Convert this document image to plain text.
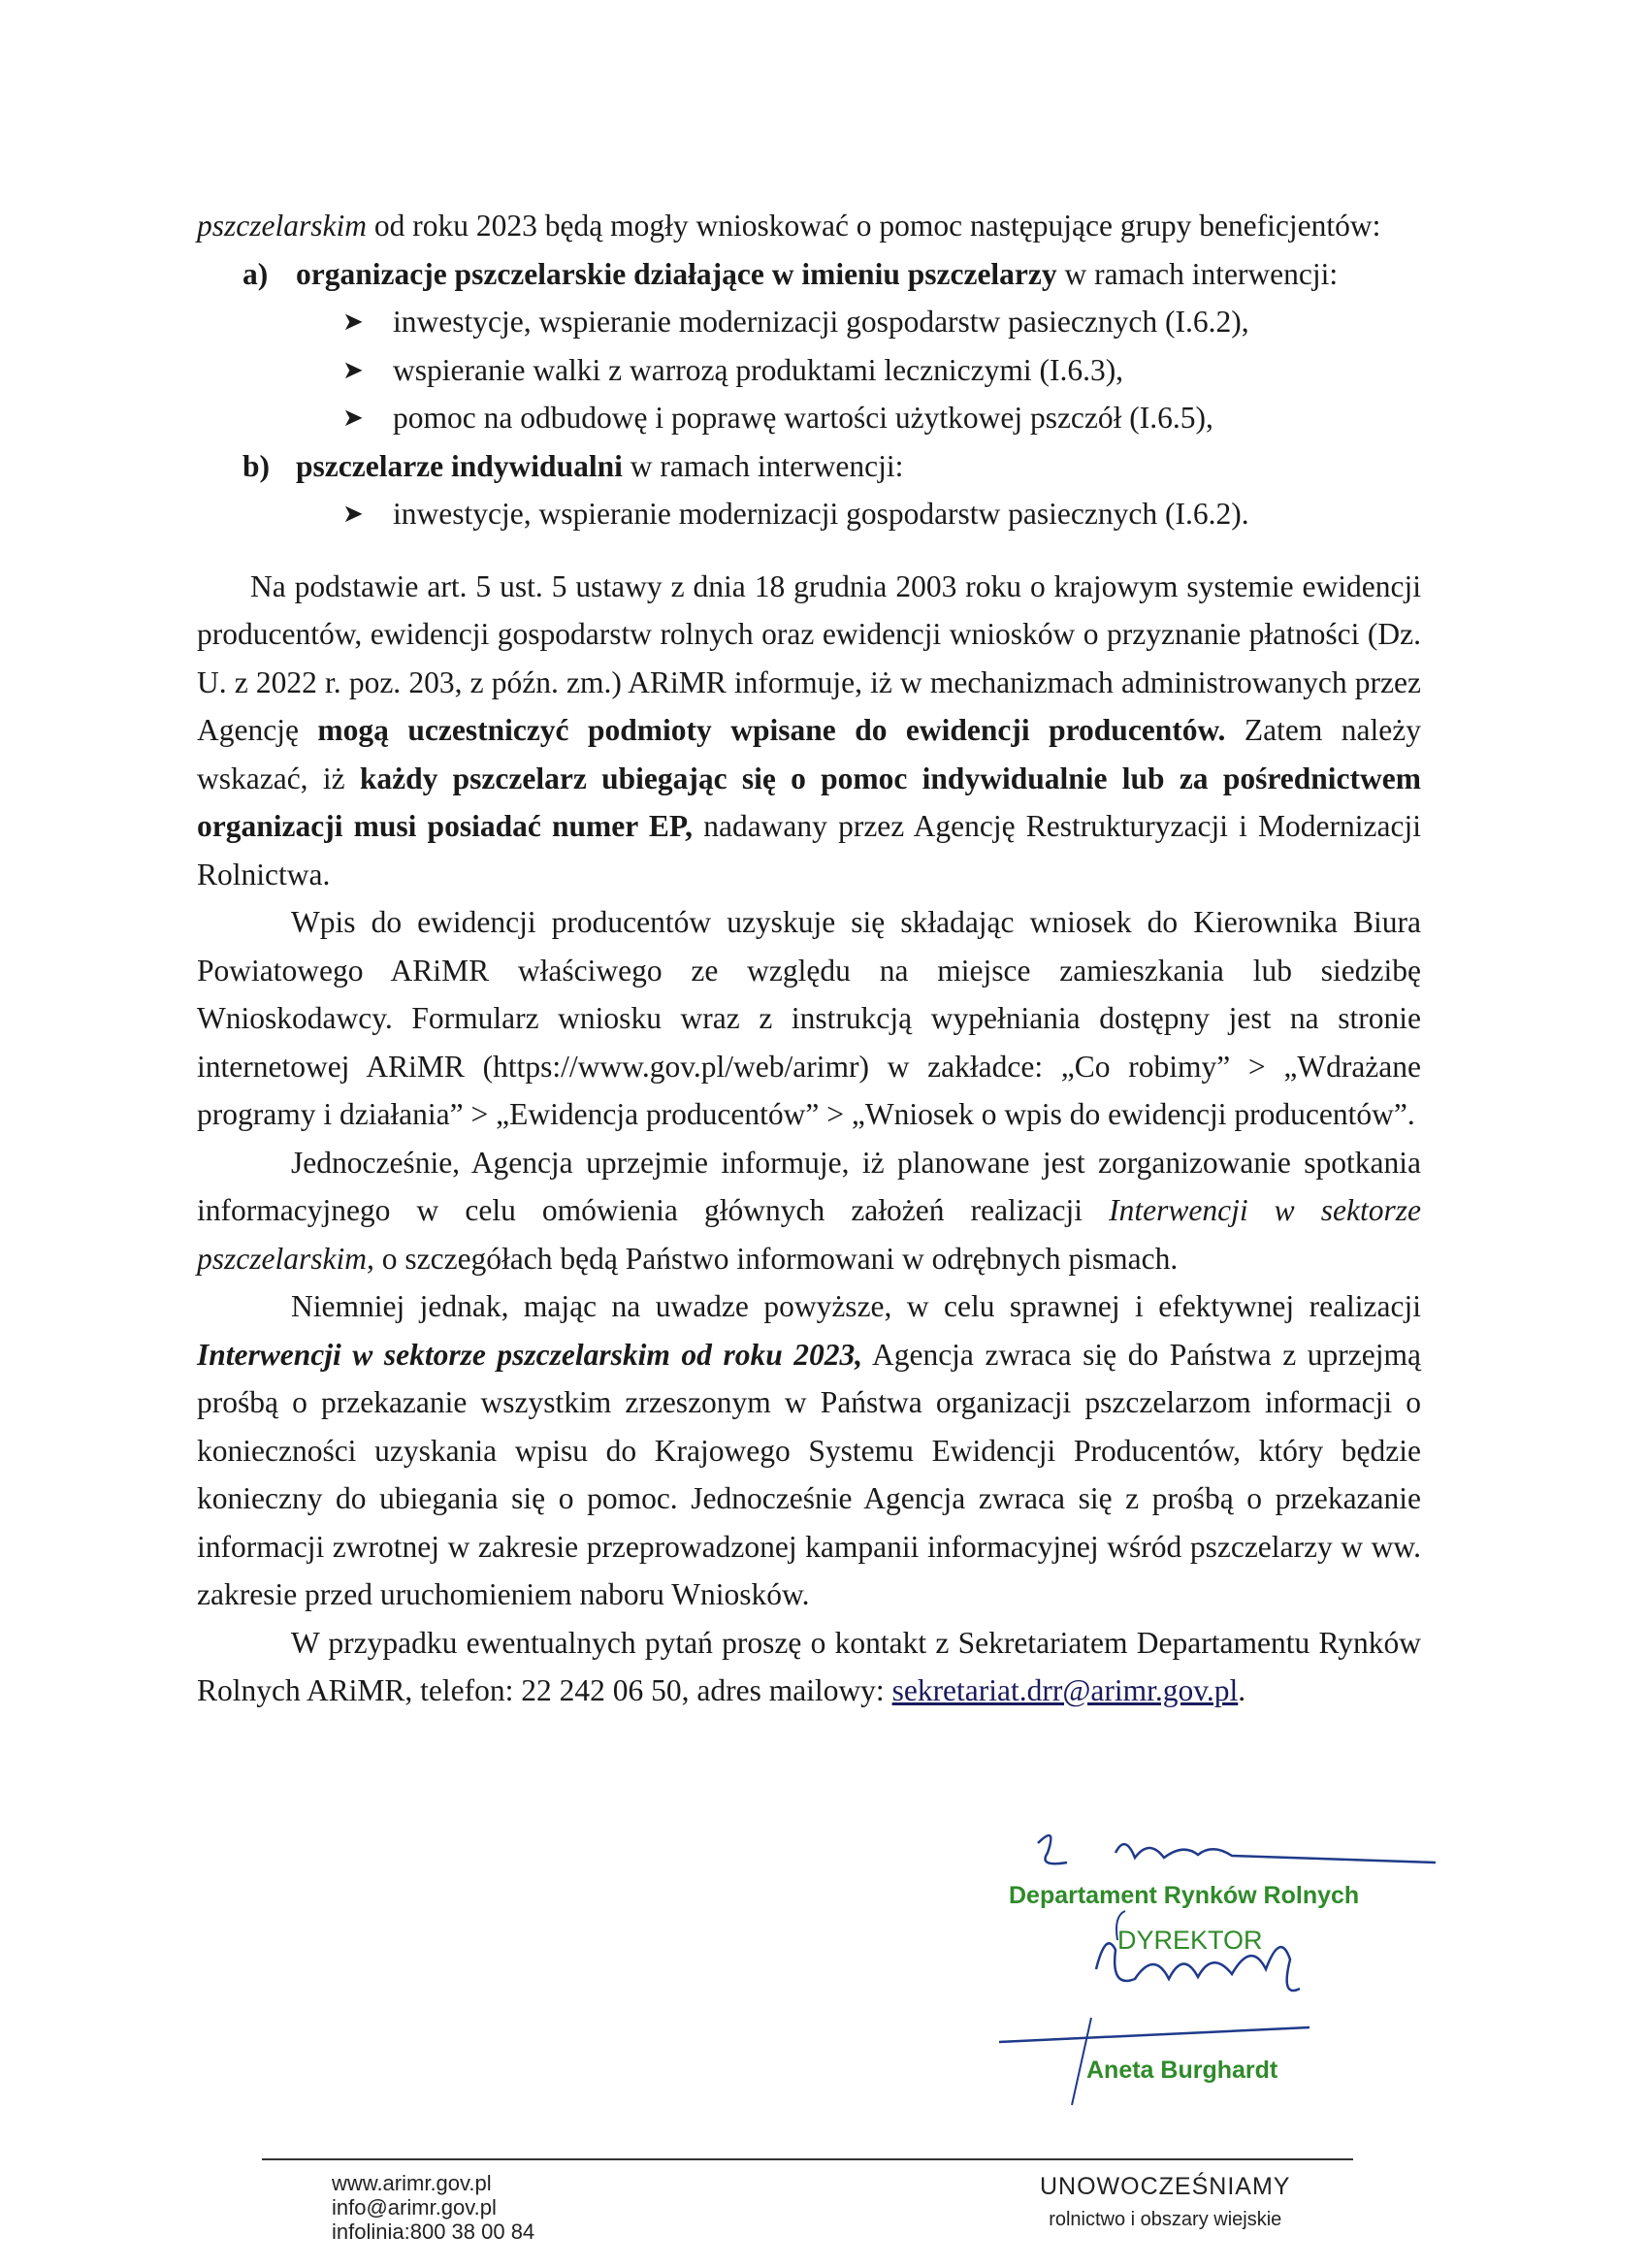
pszczelarskim od roku 2023 będą mogły wnioskować o pomoc następujące grupy beneficjentów:

a) organizacje pszczelarskie działające w imieniu pszczelarzy w ramach interwencji:
➤ inwestycje, wspieranie modernizacji gospodarstw pasiecznych (I.6.2),
➤ wspieranie walki z warrozą produktami leczniczymi (I.6.3),
➤ pomoc na odbudowę i poprawę wartości użytkowej pszczół (I.6.5),
b) pszczelarze indywidualni w ramach interwencji:
➤ inwestycje, wspieranie modernizacji gospodarstw pasiecznych (I.6.2).

Na podstawie art. 5 ust. 5 ustawy z dnia 18 grudnia 2003 roku o krajowym systemie ewidencji producentów, ewidencji gospodarstw rolnych oraz ewidencji wniosków o przyznanie płatności (Dz. U. z 2022 r. poz. 203, z późn. zm.) ARiMR informuje, iż w mechanizmach administrowanych przez Agencję mogą uczestniczyć podmioty wpisane do ewidencji producentów. Zatem należy wskazać, iż każdy pszczelarz ubiegając się o pomoc indywidualnie lub za pośrednictwem organizacji musi posiadać numer EP, nadawany przez Agencję Restrukturyzacji i Modernizacji Rolnictwa.

Wpis do ewidencji producentów uzyskuje się składając wniosek do Kierownika Biura Powiatowego ARiMR właściwego ze względu na miejsce zamieszkania lub siedzibę Wnioskodawcy. Formularz wniosku wraz z instrukcją wypełniania dostępny jest na stronie internetowej ARiMR (https://www.gov.pl/web/arimr) w zakładce: „Co robimy” > „Wdrażane programy i działania” > „Ewidencja producentów” > „Wniosek o wpis do ewidencji producentów”.

Jednocześnie, Agencja uprzejmie informuje, iż planowane jest zorganizowanie spotkania informacyjnego w celu omówienia głównych założeń realizacji Interwencji w sektorze pszczelarskim, o szczegółach będą Państwo informowani w odrębnych pismach.

Niemniej jednak, mając na uwadze powyższe, w celu sprawnej i efektywnej realizacji Interwencji w sektorze pszczelarskim od roku 2023, Agencja zwraca się do Państwa z uprzejmą prośbą o przekazanie wszystkim zrzeszonym w Państwa organizacji pszczelarzom informacji o konieczności uzyskania wpisu do Krajowego Systemu Ewidencji Producentów, który będzie konieczny do ubiegania się o pomoc. Jednocześnie Agencja zwraca się z prośbą o przekazanie informacji zwrotnej w zakresie przeprowadzonej kampanii informacyjnej wśród pszczelarzy w ww. zakresie przed uruchomieniem naboru Wniosków.

W przypadku ewentualnych pytań proszę o kontakt z Sekretariatem Departamentu Rynków Rolnych ARiMR, telefon: 22 242 06 50, adres mailowy: sekretariat.drr@arimr.gov.pl.

Departament Rynków Rolnych
DYREKTOR
Aneta Burghardt
www.arimr.gov.pl
info@arimr.gov.pl
infolinia:800 38 00 84
UNOWOCZEŚNIAMY
rolnictwo i obszary wiejskie
